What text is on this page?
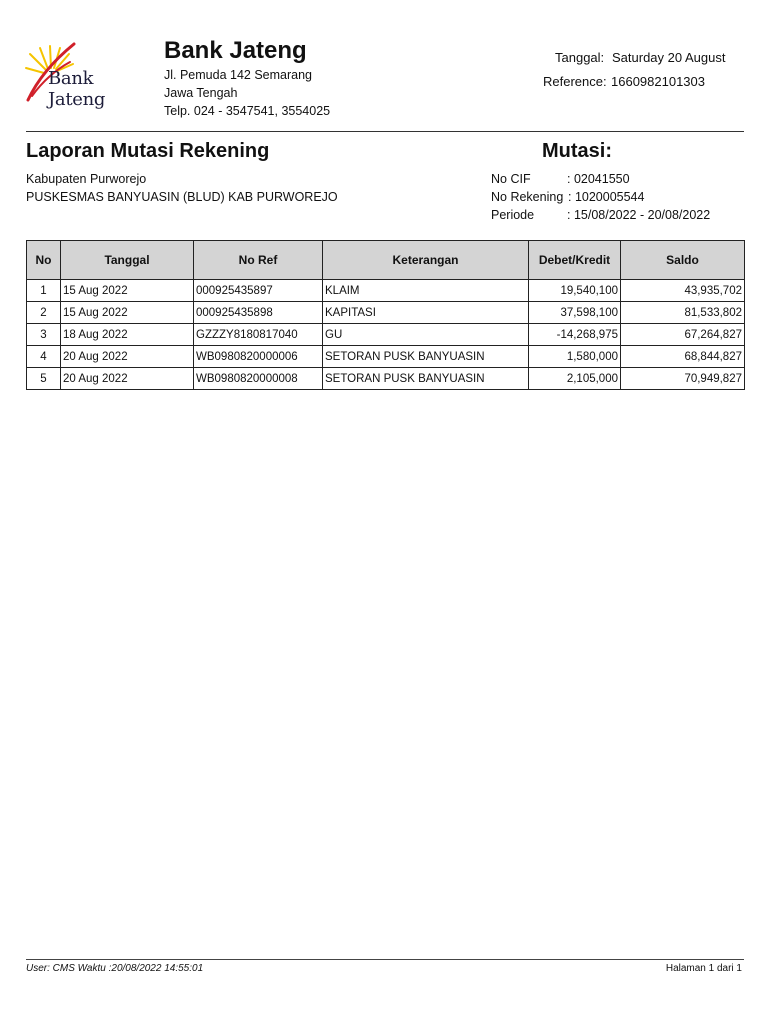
Bank Jateng
Bank Jateng
Jl. Pemuda 142 Semarang
Jawa Tengah
Telp. 024 - 3547541, 3554025
Tanggal: Saturday 20 August
Reference: 1660982101303
Laporan Mutasi Rekening	Mutasi:
Kabupaten Purworejo
PUSKESMAS BANYUASIN (BLUD) KAB PURWOREJO
No CIF	: 02041550
No Rekening : 1020005544
Periode	: 15/08/2022 - 20/08/2022
No	Tanggal	No Ref	Keterangan	Debet/Kredit	Saldo
1	15 Aug 2022	000925435897	KLAIM	19,540,100	43,935,702
2	15 Aug 2022	000925435898	KAPITASI	37,598,100	81,533,802
3	18 Aug 2022	GZZZY8180817040	GU	-14,268,975	67,264,827
4	20 Aug 2022	WB0980820000006	SETORAN PUSK BANYUASIN	1,580,000	68,844,827
5	20 Aug 2022	WB0980820000008	SETORAN PUSK BANYUASIN	2,105,000	70,949,827
User: CMS Waktu :20/08/2022 14:55:01	Halaman 1 dari 1
